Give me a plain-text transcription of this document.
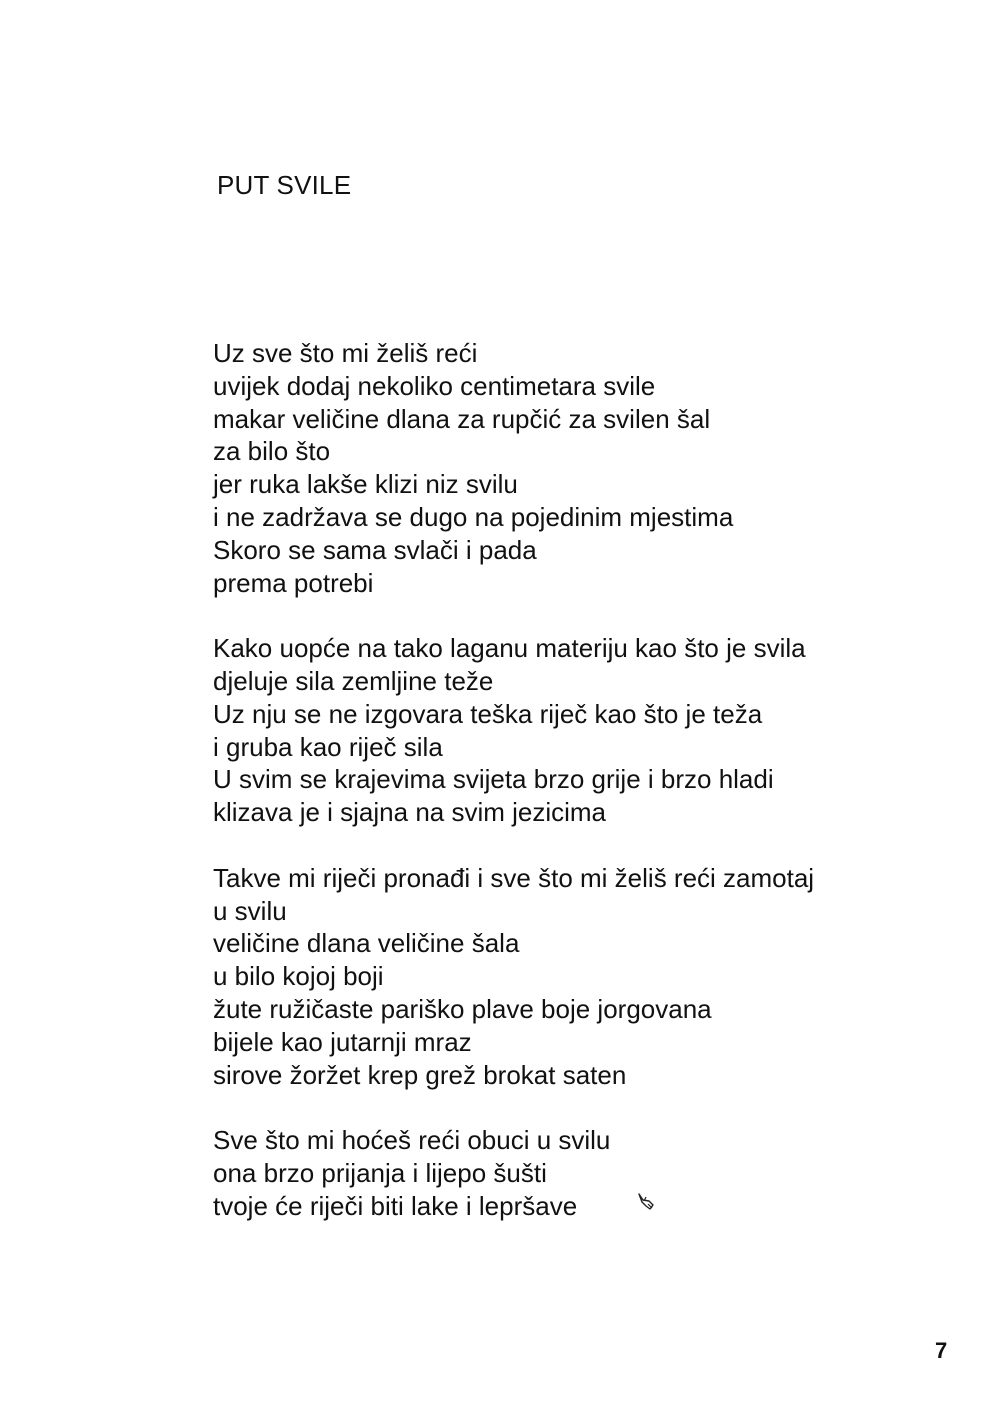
PUT SVILE
Uz sve što mi želiš reći
uvijek dodaj nekoliko centimetara svile
makar veličine dlana za rupčić za svilen šal
za bilo što
jer ruka lakše klizi niz svilu
i ne zadržava se dugo na pojedinim mjestima
Skoro se sama svlači i pada
prema potrebi
Kako uopće na tako laganu materiju kao što je svila
djeluje sila zemljine teže
Uz nju se ne izgovara teška riječ kao što je teža
i gruba kao riječ sila
U svim se krajevima svijeta brzo grije i brzo hladi
klizava je i sjajna na svim jezicima
Takve mi riječi pronađi i sve što mi želiš reći zamotaj
u svilu
veličine dlana veličine šala
u bilo kojoj boji
žute ružičaste pariško plave boje jorgovana
bijele kao jutarnji mraz
sirove žoržet krep grež brokat saten
Sve što mi hoćeš reći obuci u svilu
ona brzo prijanja i lijepo šušti
tvoje će riječi biti lake i lepršave
7
